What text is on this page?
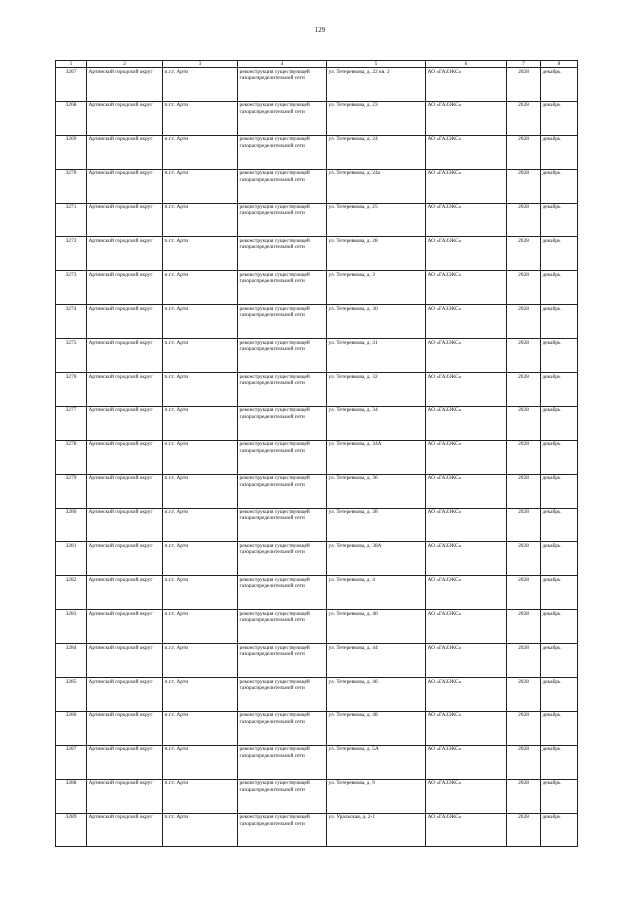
129
1	2	3	4	5	6	7	8
3267	Артинский городской округ	п.г.т. Арти	реконструкция существующей газораспределительной сети	ул. Тетеревкова, д. 22 кв. 2	АО «ГАЗЭКС»	2028	декабрь
3268	Артинский городской округ	п.г.т. Арти	реконструкция существующей газораспределительной сети	ул. Тетеревкова, д. 23	АО «ГАЗЭКС»	2028	декабрь
3269	Артинский городской округ	п.г.т. Арти	реконструкция существующей газораспределительной сети	ул. Тетеревкова, д. 24	АО «ГАЗЭКС»	2028	декабрь
3270	Артинский городской округ	п.г.т. Арти	реконструкция существующей газораспределительной сети	ул. Тетеревкова, д. 24а	АО «ГАЗЭКС»	2028	декабрь
3271	Артинский городской округ	п.г.т. Арти	реконструкция существующей газораспределительной сети	ул. Тетеревкова, д. 25	АО «ГАЗЭКС»	2028	декабрь
3272	Артинский городской округ	п.г.т. Арти	реконструкция существующей газораспределительной сети	ул. Тетеревкова, д. 28	АО «ГАЗЭКС»	2028	декабрь
3273	Артинский городской округ	п.г.т. Арти	реконструкция существующей газораспределительной сети	ул. Тетеревкова, д. 3	АО «ГАЗЭКС»	2028	декабрь
3274	Артинский городской округ	п.г.т. Арти	реконструкция существующей газораспределительной сети	ул. Тетеревкова, д. 30	АО «ГАЗЭКС»	2028	декабрь
3275	Артинский городской округ	п.г.т. Арти	реконструкция существующей газораспределительной сети	ул. Тетеревкова, д. 31	АО «ГАЗЭКС»	2028	декабрь
3276	Артинский городской округ	п.г.т. Арти	реконструкция существующей газораспределительной сети	ул. Тетеревкова, д. 32	АО «ГАЗЭКС»	2028	декабрь
3277	Артинский городской округ	п.г.т. Арти	реконструкция существующей газораспределительной сети	ул. Тетеревкова, д. 34	АО «ГАЗЭКС»	2028	декабрь
3278	Артинский городской округ	п.г.т. Арти	реконструкция существующей газораспределительной сети	ул. Тетеревкова, д. 34А	АО «ГАЗЭКС»	2028	декабрь
3279	Артинский городской округ	п.г.т. Арти	реконструкция существующей газораспределительной сети	ул. Тетеревкова, д. 36	АО «ГАЗЭКС»	2028	декабрь
3280	Артинский городской округ	п.г.т. Арти	реконструкция существующей газораспределительной сети	ул. Тетеревкова, д. 38	АО «ГАЗЭКС»	2028	декабрь
3281	Артинский городской округ	п.г.т. Арти	реконструкция существующей газораспределительной сети	ул. Тетеревкова, д. 38А	АО «ГАЗЭКС»	2028	декабрь
3282	Артинский городской округ	п.г.т. Арти	реконструкция существующей газораспределительной сети	ул. Тетеревкова, д. 4	АО «ГАЗЭКС»	2028	декабрь
3283	Артинский городской округ	п.г.т. Арти	реконструкция существующей газораспределительной сети	ул. Тетеревкова, д. 40	АО «ГАЗЭКС»	2028	декабрь
3284	Артинский городской округ	п.г.т. Арти	реконструкция существующей газораспределительной сети	ул. Тетеревкова, д. 44	АО «ГАЗЭКС»	2028	декабрь
3285	Артинский городской округ	п.г.т. Арти	реконструкция существующей газораспределительной сети	ул. Тетеревкова, д. 46	АО «ГАЗЭКС»	2028	декабрь
3286	Артинский городской округ	п.г.т. Арти	реконструкция существующей газораспределительной сети	ул. Тетеревкова, д. 48	АО «ГАЗЭКС»	2028	декабрь
3287	Артинский городской округ	п.г.т. Арти	реконструкция существующей газораспределительной сети	ул. Тетеревкова, д. 5А	АО «ГАЗЭКС»	2028	декабрь
3288	Артинский городской округ	п.г.т. Арти	реконструкция существующей газораспределительной сети	ул. Тетеревкова, д. 9	АО «ГАЗЭКС»	2028	декабрь
3289	Артинский городской округ	п.г.т. Арти	реконструкция существующей газораспределительной сети	ул. Уральская, д. 2-1	АО «ГАЗЭКС»	2028	декабрь
